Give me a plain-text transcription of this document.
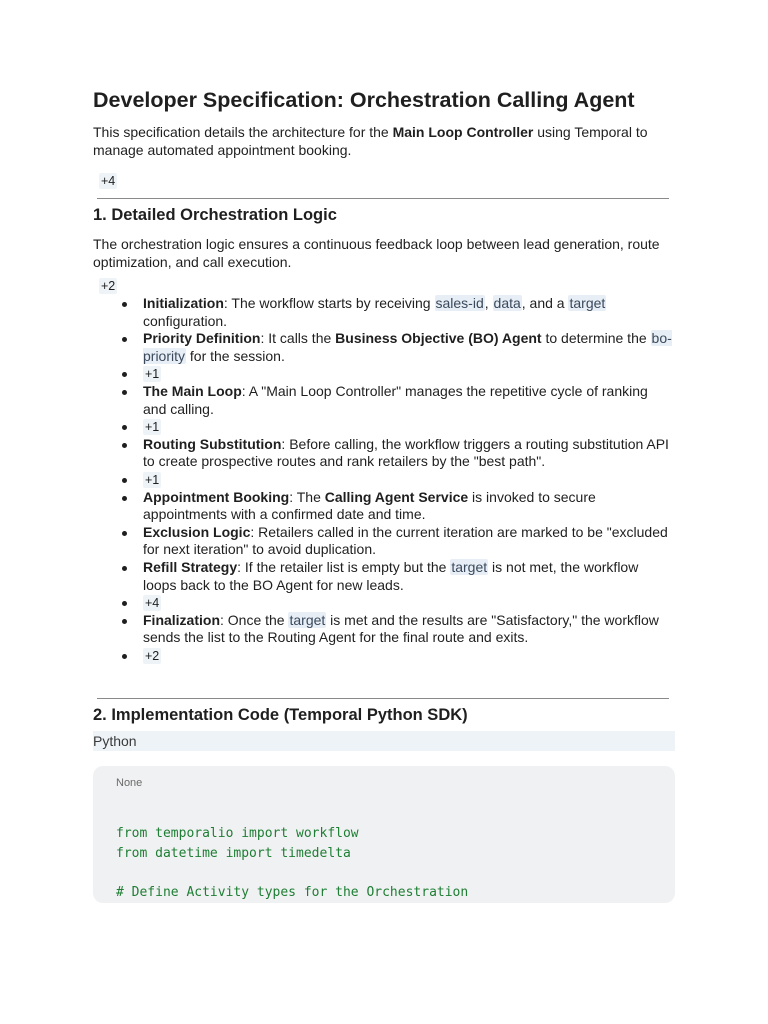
Developer Specification: Orchestration Calling Agent

This specification details the architecture for the Main Loop Controller using Temporal to manage automated appointment booking.

+4
1. Detailed Orchestration Logic

The orchestration logic ensures a continuous feedback loop between lead generation, route optimization, and call execution.

+2
Initialization: The workflow starts by receiving sales-id, data, and a target configuration.
Priority Definition: It calls the Business Objective (BO) Agent to determine the bo-priority for the session.
+1
The Main Loop: A "Main Loop Controller" manages the repetitive cycle of ranking and calling.
+1
Routing Substitution: Before calling, the workflow triggers a routing substitution API to create prospective routes and rank retailers by the "best path".
+1
Appointment Booking: The Calling Agent Service is invoked to secure appointments with a confirmed date and time.
Exclusion Logic: Retailers called in the current iteration are marked to be "excluded for next iteration" to avoid duplication.
Refill Strategy: If the retailer list is empty but the target is not met, the workflow loops back to the BO Agent for new leads.
+4
Finalization: Once the target is met and the results are "Satisfactory," the workflow sends the list to the Routing Agent for the final route and exits.
+2
2. Implementation Code (Temporal Python SDK)
Python
None
from temporalio import workflow
from datetime import timedelta

# Define Activity types for the Orchestration
